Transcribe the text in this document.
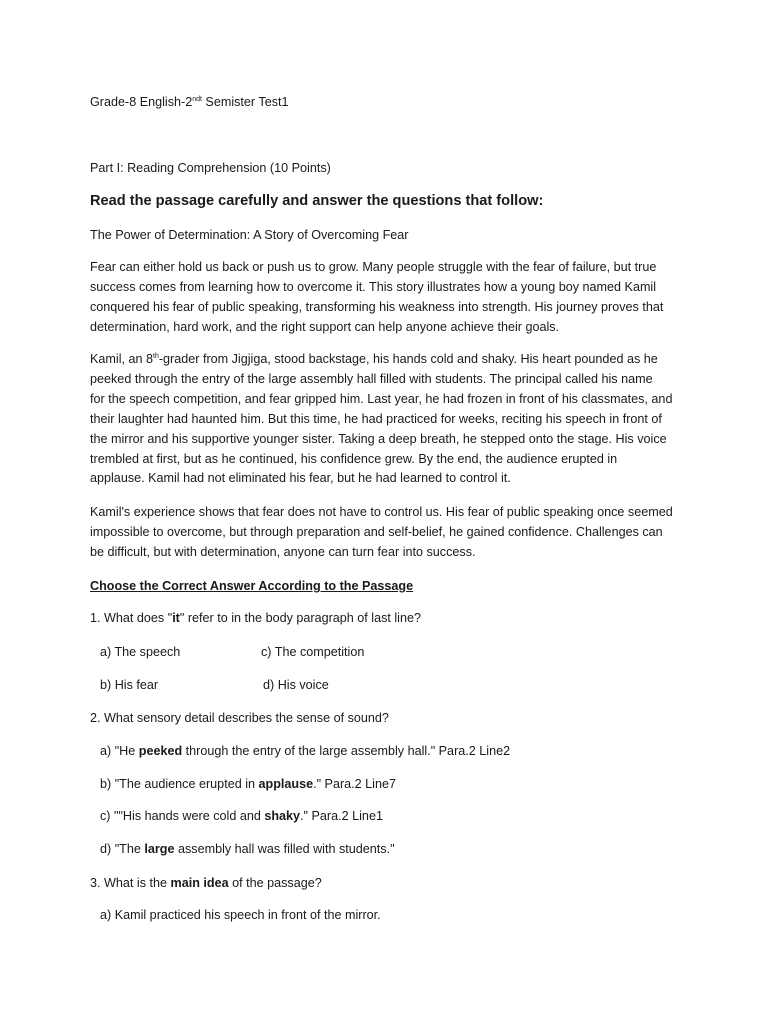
Grade-8 English-$2^{ndt}$ Semister Test1
Part I: Reading Comprehension (10 Points)
Read the passage carefully and answer the questions that follow:
The Power of Determination: A Story of Overcoming Fear
Fear can either hold us back or push us to grow. Many people struggle with the fear of failure, but true
success comes from learning how to overcome it. This story illustrates how a young boy named Kamil
conquered his fear of public speaking, transforming his weakness into strength. His journey proves that
determination, hard work, and the right support can help anyone achieve their goals.
Kamil, an 8th-grader from Jigjiga, stood backstage, his hands cold and shaky. His heart pounded as he
peeked through the entry of the large assembly hall filled with students. The principal called his name
for the speech competition, and fear gripped him. Last year, he had frozen in front of his classmates, and
their laughter had haunted him. But this time, he had practiced for weeks, reciting his speech in front of
the mirror and his supportive younger sister. Taking a deep breath, he stepped onto the stage. His voice
trembled at first, but as he continued, his confidence grew. By the end, the audience erupted in
applause. Kamil had not eliminated his fear, but he had learned to control it.
Kamil's experience shows that fear does not have to control us. His fear of public speaking once seemed
impossible to overcome, but through preparation and self-belief, he gained confidence. Challenges can
be difficult, but with determination, anyone can turn fear into success.
Choose the Correct Answer According to the Passage
1. What does "it" refer to in the body paragraph of last line?
a) The speech	c) The competition
b) His fear	d) His voice
2. What sensory detail describes the sense of sound?
a) "He peeked through the entry of the large assembly hall." Para.2 Line2
b) "The audience erupted in applause." Para.2 Line7
c) ""His hands were cold and shaky." Para.2 Line1
d) "The large assembly hall was filled with students."
3. What is the main idea of the passage?
a) Kamil practiced his speech in front of the mirror.
